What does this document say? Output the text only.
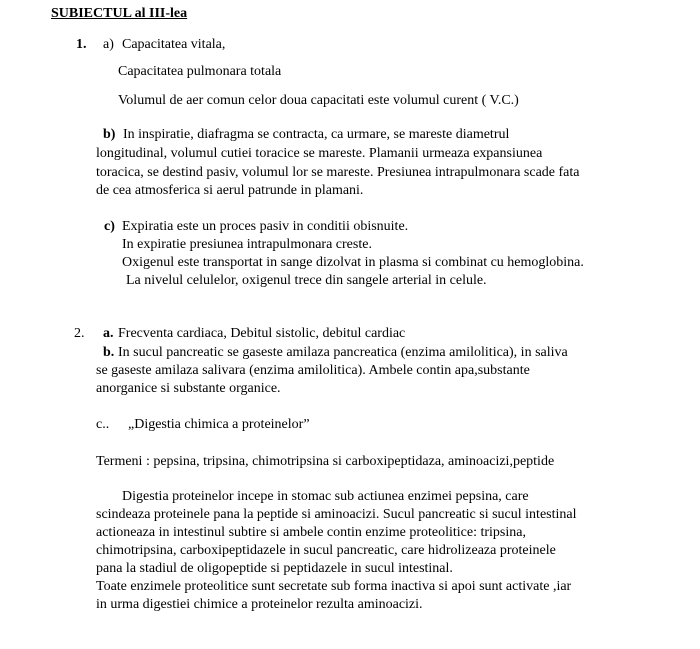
SUBIECTUL al III-lea
1. a) Capacitatea vitala,
Capacitatea pulmonara totala
Volumul de aer comun celor doua capacitati este volumul curent ( V.C.)
b) In inspiratie, diafragma se contracta, ca urmare, se mareste diametrul
longitudinal, volumul cutiei toracice se mareste. Plamanii urmeaza expansiunea
toracica, se destind pasiv, volumul lor se mareste. Presiunea intrapulmonara scade fata
de cea atmosferica si aerul patrunde in plamani.
c) Expiratia este un proces pasiv in conditii obisnuite.
In expiratie presiunea intrapulmonara creste.
Oxigenul este transportat in sange dizolvat in plasma si combinat cu hemoglobina.
La nivelul celulelor, oxigenul trece din sangele arterial in celule.
2. a. Frecventa cardiaca, Debitul sistolic, debitul cardiac
b. In sucul pancreatic se gaseste amilaza pancreatica (enzima amilolitica), in saliva
se gaseste amilaza salivara (enzima amilolitica). Ambele contin apa,substante
anorganice si substante organice.
c.. „Digestia chimica a proteinelor”
Termeni : pepsina, tripsina, chimotripsina si carboxipeptidaza, aminoacizi,peptide
Digestia proteinelor incepe in stomac sub actiunea enzimei pepsina, care
scindeaza proteinele pana la peptide si aminoacizi. Sucul pancreatic si sucul intestinal
actioneaza in intestinul subtire si ambele contin enzime proteolitice: tripsina,
chimotripsina, carboxipeptidazele in sucul pancreatic, care hidrolizeaza proteinele
pana la stadiul de oligopeptide si peptidazele in sucul intestinal.
Toate enzimele proteolitice sunt secretate sub forma inactiva si apoi sunt activate ,iar
in urma digestiei chimice a proteinelor rezulta aminoacizi.
